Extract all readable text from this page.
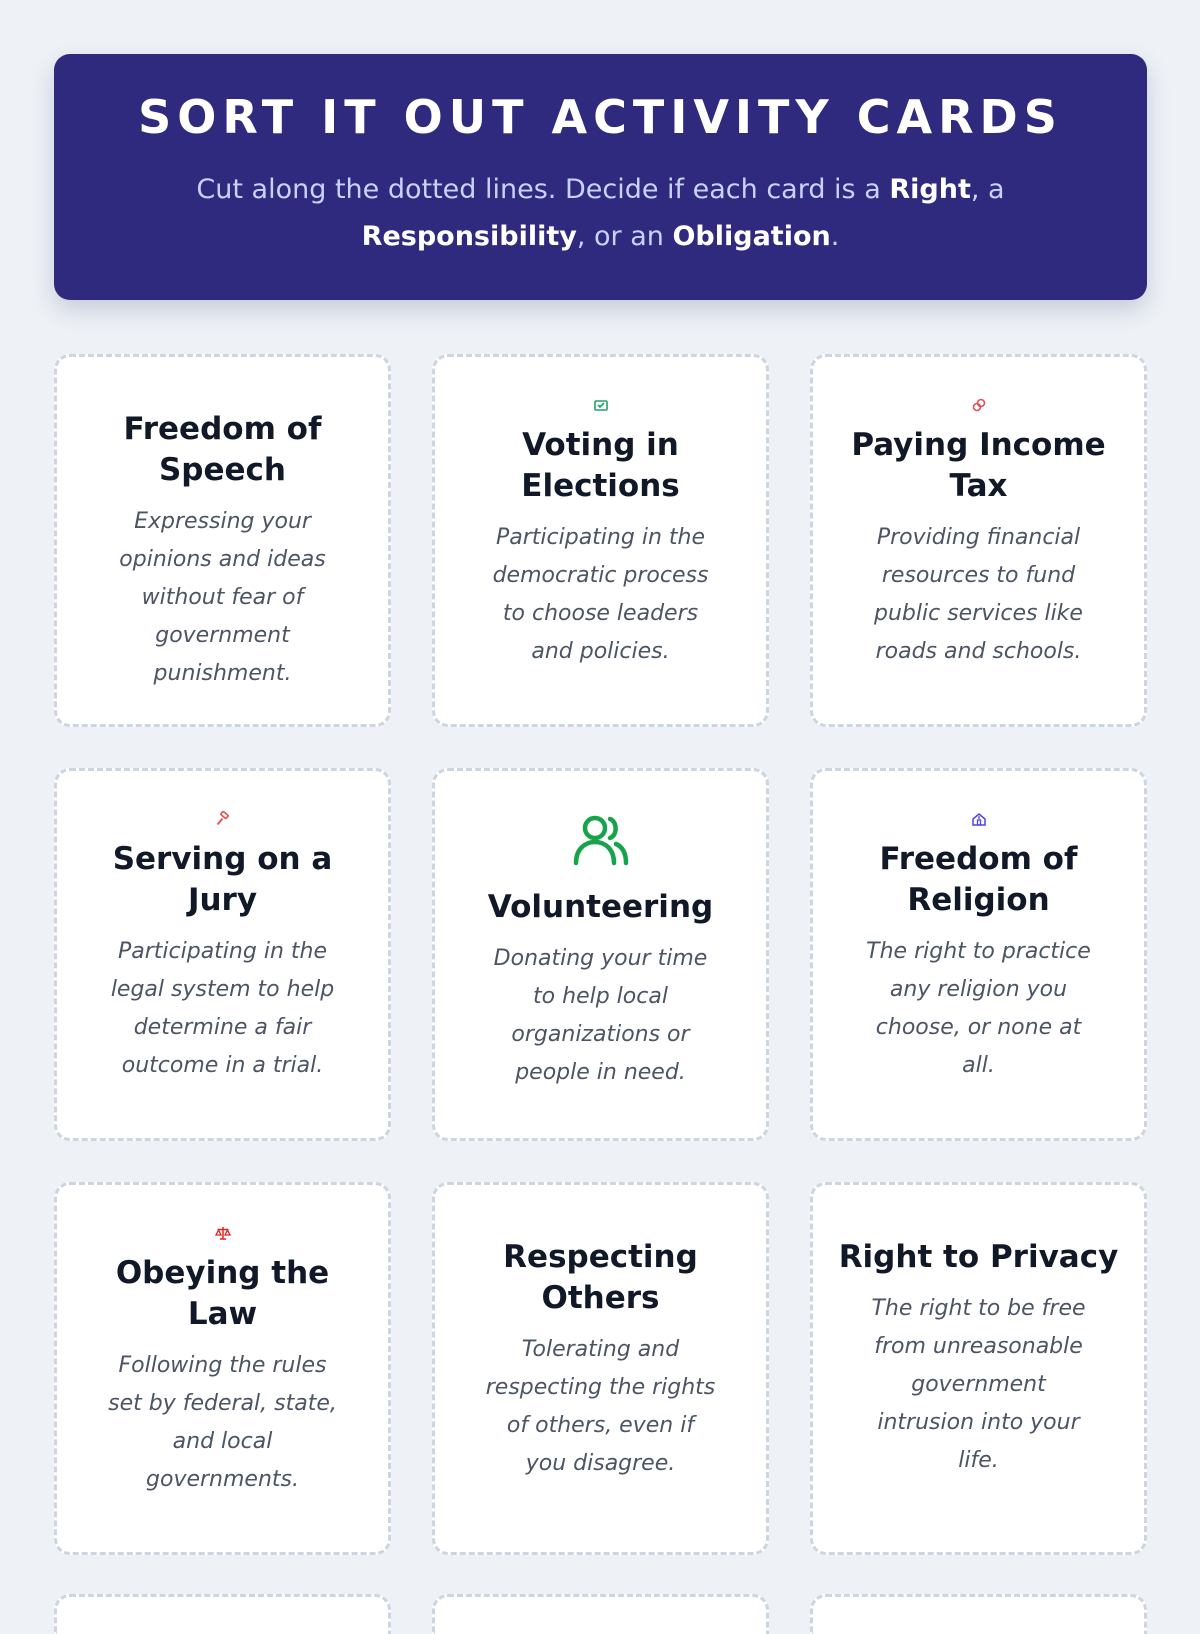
SORT IT OUT ACTIVITY CARDS

Cut along the dotted lines. Decide if each card is a Right, a
Responsibility, or an Obligation.

Freedom of Speech

Expressing your opinions and ideas without fear of government punishment.

Voting in Elections

Participating in the democratic process to choose leaders and policies.

Paying Income Tax

Providing financial resources to fund public services like roads and schools.

Serving on a Jury

Participating in the legal system to help determine a fair outcome in a trial.

Volunteering

Donating your time to help local organizations or people in need.

Freedom of Religion

The right to practice any religion you choose, or none at all.

Obeying the Law

Following the rules set by federal, state, and local governments.

Respecting Others

Tolerating and respecting the rights of others, even if you disagree.

Right to Privacy

The right to be free from unreasonable government intrusion into your life.
